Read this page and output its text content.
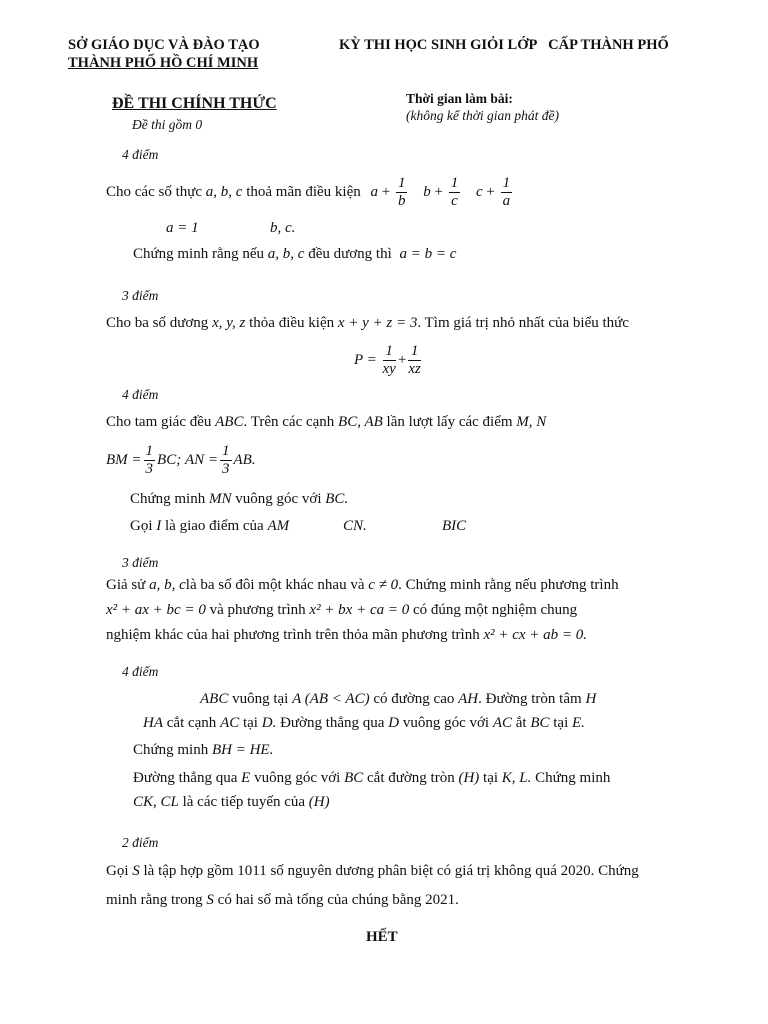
SỞ GIÁO DỤC VÀ ĐÀO TẠO
THÀNH PHỐ HỒ CHÍ MINH
KỲ THI HỌC SINH GIỎI LỚP CẤP THÀNH PHỐ
ĐỀ THI CHÍNH THỨC
Đề thi gồm 0
Thời gian làm bài:
(không kể thời gian phát đề)
4 điểm
Cho các số thực a, b, c thoả mãn điều kiện $a + \frac{1}{b}$ $b + \frac{1}{c}$ $c + \frac{1}{a}$
a = 1	b, c.
Chứng minh rằng nếu a, b, c đều dương thì a = b = c
3 điểm
Cho ba số dương x, y, z thỏa điều kiện x + y + z = 3. Tìm giá trị nhỏ nhất của biểu thức
$P = \frac{1}{xy} + \frac{1}{xz}$
4 điểm
Cho tam giác đều ABC. Trên các cạnh BC, AB lần lượt lấy các điểm M, N
BM = $\frac{1}{3}$ BC; AN = $\frac{1}{3}$ AB.
Chứng minh MN vuông góc với BC.
Gọi I là giao điểm của AM	CN.	BIC
3 điểm
Giả sử a, b, clà ba số đôi một khác nhau và c ≠ 0. Chứng minh rằng nếu phương trình
x² + ax + bc = 0 và phương trình x² + bx + ca = 0 có đúng một nghiệm chung
nghiệm khác của hai phương trình trên thỏa mãn phương trình x² + cx + ab = 0.
4 điểm
ABC vuông tại A (AB < AC) có đường cao AH. Đường tròn tâm H
HA cắt cạnh AC tại D. Đường thẳng qua D vuông góc với AC ắt BC tại E.
Chứng minh BH = HE.
Đường thẳng qua E vuông góc với BC cắt đường tròn (H) tại K, L. Chứng minh
CK, CL là các tiếp tuyến của (H)
2 điểm
Gọi S là tập hợp gồm 1011 số nguyên dương phân biệt có giá trị không quá 2020. Chứng
minh rằng trong S có hai số mà tổng của chúng bằng 2021.
HẾT
